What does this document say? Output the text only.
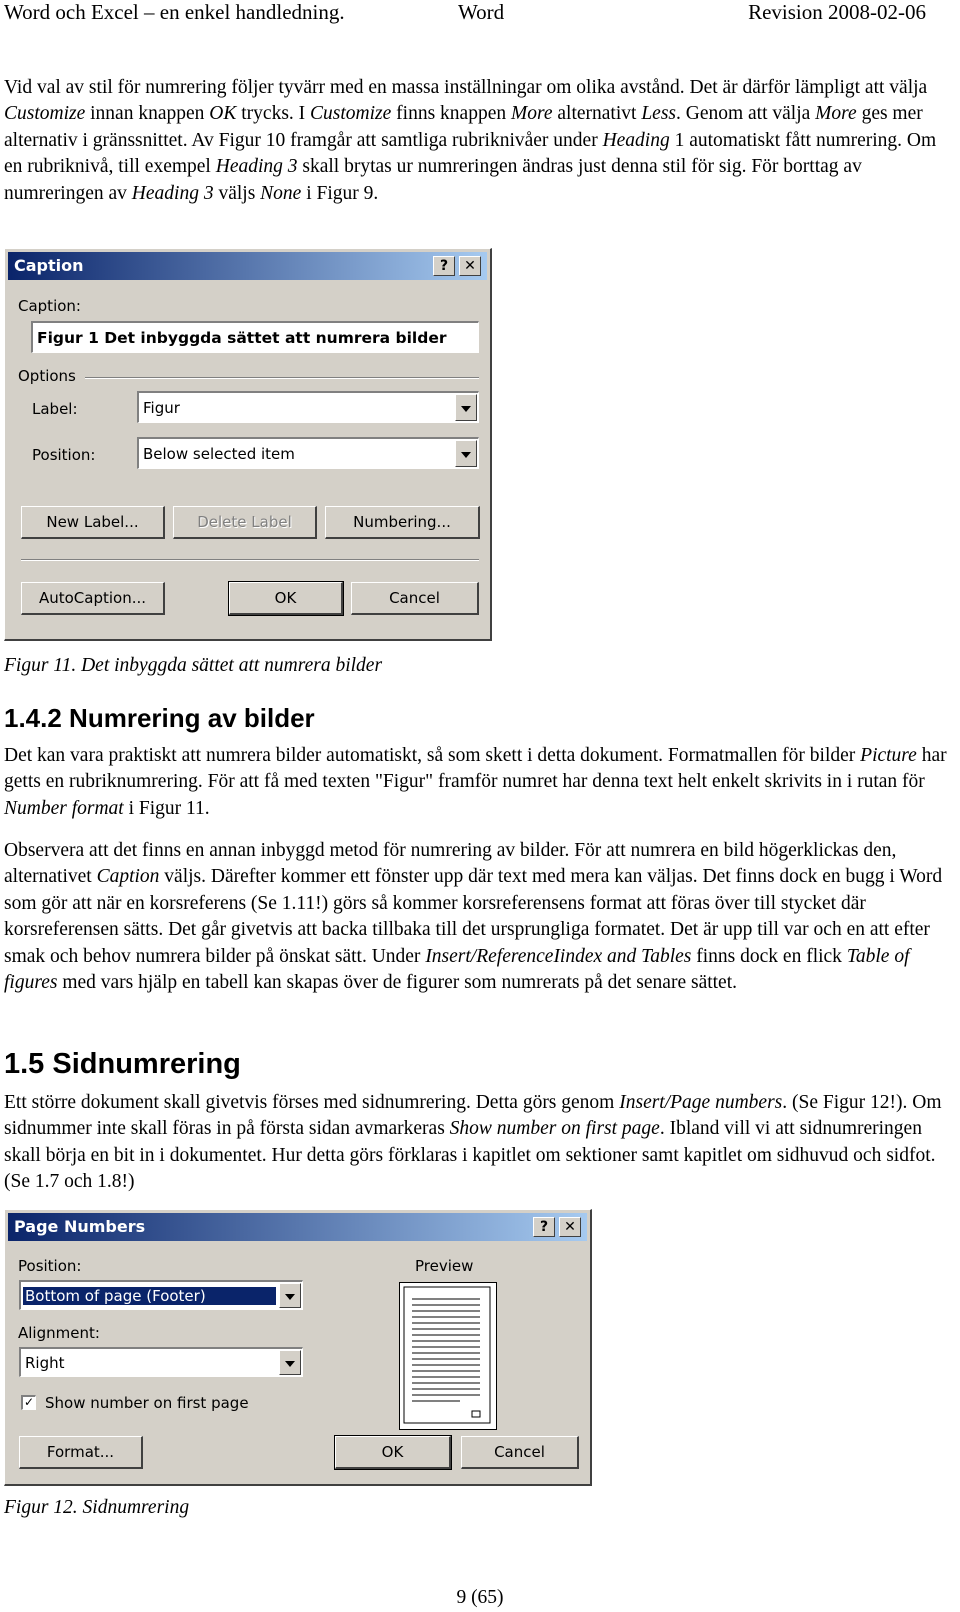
Word och Excel – en enkel handledning.	Word	Revision 2008-02-06
Vid val av stil för numrering följer tyvärr med en massa inställningar om olika avstånd. Det är därför lämpligt att välja Customize innan knappen OK trycks. I Customize finns knappen More alternativt Less. Genom att välja More ges mer alternativ i gränssnittet. Av Figur 10 framgår att samtliga rubriknivåer under Heading 1 automatiskt fått numrering. Om en rubriknivå, till exempel Heading 3 skall brytas ur numreringen ändras just denna stil för sig. För borttag av numreringen av Heading 3 väljs None i Figur 9.
Caption	?	✕
Caption:
Figur 1 Det inbyggda sättet att numrera bilder
Options
Label:	Figur
Position:	Below selected item
New Label...	Delete Label	Numbering...
AutoCaption...	OK	Cancel
Figur 11. Det inbyggda sättet att numrera bilder
1.4.2 Numrering av bilder
Det kan vara praktiskt att numrera bilder automatiskt, så som skett i detta dokument. Formatmallen för bilder Picture har getts en rubriknumrering. För att få med texten "Figur" framför numret har denna text helt enkelt skrivits in i rutan för Number format i Figur 11.
Observera att det finns en annan inbyggd metod för numrering av bilder. För att numrera en bild högerklickas den, alternativet Caption väljs. Därefter kommer ett fönster upp där text med mera kan väljas. Det finns dock en bugg i Word som gör att när en korsreferens (Se 1.11!) görs så kommer korsreferensens format att föras över till stycket där korsreferensen sätts. Det går givetvis att backa tillbaka till det ursprungliga formatet. Det är upp till var och en att efter smak och behov numrera bilder på önskat sätt. Under Insert/ReferenceIindex and Tables finns dock en flick Table of figures med vars hjälp en tabell kan skapas över de figurer som numrerats på det senare sättet.
1.5 Sidnumrering
Ett större dokument skall givetvis förses med sidnumrering. Detta görs genom Insert/Page numbers. (Se Figur 12!). Om sidnummer inte skall föras in på första sidan avmarkeras Show number on first page. Ibland vill vi att sidnumreringen skall börja en bit in i dokumentet. Hur detta görs förklaras i kapitlet om sektioner samt kapitlet om sidhuvud och sidfot. (Se 1.7 och 1.8!)
Page Numbers	?	✕
Position:
Bottom of page (Footer)
Alignment:
Right
✓ Show number on first page
Preview
Format...	OK	Cancel
Figur 12. Sidnumrering
9 (65)
